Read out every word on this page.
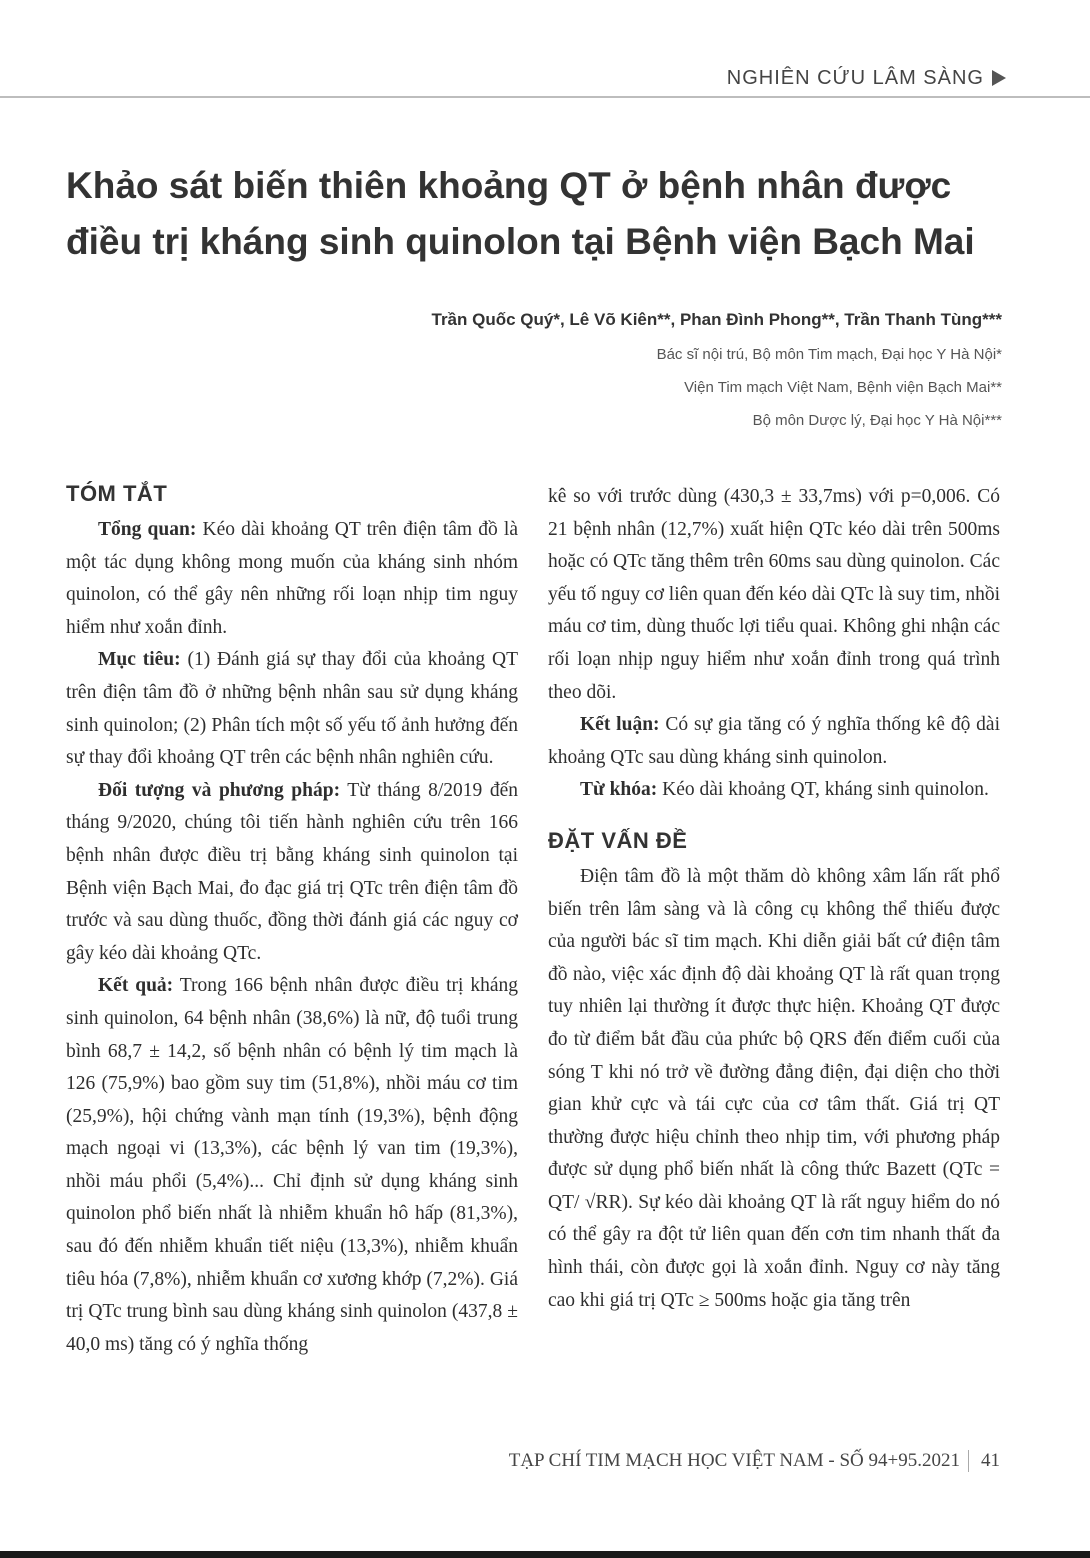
NGHIÊN CỨU LÂM SÀNG
Khảo sát biến thiên khoảng QT ở bệnh nhân được điều trị kháng sinh quinolon tại Bệnh viện Bạch Mai
Trần Quốc Quý*, Lê Võ Kiên**, Phan Đình Phong**, Trần Thanh Tùng***
Bác sĩ nội trú, Bộ môn Tim mạch, Đại học Y Hà Nội*
Viện Tim mạch Việt Nam, Bệnh viện Bạch Mai**
Bộ môn Dược lý, Đại học Y Hà Nội***
TÓM TẮT

Tổng quan: Kéo dài khoảng QT trên điện tâm đồ là một tác dụng không mong muốn của kháng sinh nhóm quinolon, có thể gây nên những rối loạn nhịp tim nguy hiểm như xoắn đỉnh.

Mục tiêu: (1) Đánh giá sự thay đổi của khoảng QT trên điện tâm đồ ở những bệnh nhân sau sử dụng kháng sinh quinolon; (2) Phân tích một số yếu tố ảnh hưởng đến sự thay đổi khoảng QT trên các bệnh nhân nghiên cứu.

Đối tượng và phương pháp: Từ tháng 8/2019 đến tháng 9/2020, chúng tôi tiến hành nghiên cứu trên 166 bệnh nhân được điều trị bằng kháng sinh quinolon tại Bệnh viện Bạch Mai, đo đạc giá trị QTc trên điện tâm đồ trước và sau dùng thuốc, đồng thời đánh giá các nguy cơ gây kéo dài khoảng QTc.

Kết quả: Trong 166 bệnh nhân được điều trị kháng sinh quinolon, 64 bệnh nhân (38,6%) là nữ, độ tuổi trung bình 68,7 ± 14,2, số bệnh nhân có bệnh lý tim mạch là 126 (75,9%) bao gồm suy tim (51,8%), nhồi máu cơ tim (25,9%), hội chứng vành mạn tính (19,3%), bệnh động mạch ngoại vi (13,3%), các bệnh lý van tim (19,3%), nhồi máu phổi (5,4%)... Chỉ định sử dụng kháng sinh quinolon phổ biến nhất là nhiễm khuẩn hô hấp (81,3%), sau đó đến nhiễm khuẩn tiết niệu (13,3%), nhiễm khuẩn tiêu hóa (7,8%), nhiễm khuẩn cơ xương khớp (7,2%). Giá trị QTc trung bình sau dùng kháng sinh quinolon (437,8 ± 40,0 ms) tăng có ý nghĩa thống

kê so với trước dùng (430,3 ± 33,7ms) với p=0,006. Có 21 bệnh nhân (12,7%) xuất hiện QTc kéo dài trên 500ms hoặc có QTc tăng thêm trên 60ms sau dùng quinolon. Các yếu tố nguy cơ liên quan đến kéo dài QTc là suy tim, nhồi máu cơ tim, dùng thuốc lợi tiểu quai. Không ghi nhận các rối loạn nhịp nguy hiểm như xoắn đỉnh trong quá trình theo dõi.

Kết luận: Có sự gia tăng có ý nghĩa thống kê độ dài khoảng QTc sau dùng kháng sinh quinolon.

Từ khóa: Kéo dài khoảng QT, kháng sinh quinolon.

ĐẶT VẤN ĐỀ

Điện tâm đồ là một thăm dò không xâm lấn rất phổ biến trên lâm sàng và là công cụ không thể thiếu được của người bác sĩ tim mạch. Khi diễn giải bất cứ điện tâm đồ nào, việc xác định độ dài khoảng QT là rất quan trọng tuy nhiên lại thường ít được thực hiện. Khoảng QT được đo từ điểm bắt đầu của phức bộ QRS đến điểm cuối của sóng T khi nó trở về đường đẳng điện, đại diện cho thời gian khử cực và tái cực của cơ tâm thất. Giá trị QT thường được hiệu chỉnh theo nhịp tim, với phương pháp được sử dụng phổ biến nhất là công thức Bazett (QTc = QT/ √RR). Sự kéo dài khoảng QT là rất nguy hiểm do nó có thể gây ra đột tử liên quan đến cơn tim nhanh thất đa hình thái, còn được gọi là xoắn đỉnh. Nguy cơ này tăng cao khi giá trị QTc ≥ 500ms hoặc gia tăng trên

TẠP CHÍ TIM MẠCH HỌC VIỆT NAM - SỐ 94+95.2021 41
